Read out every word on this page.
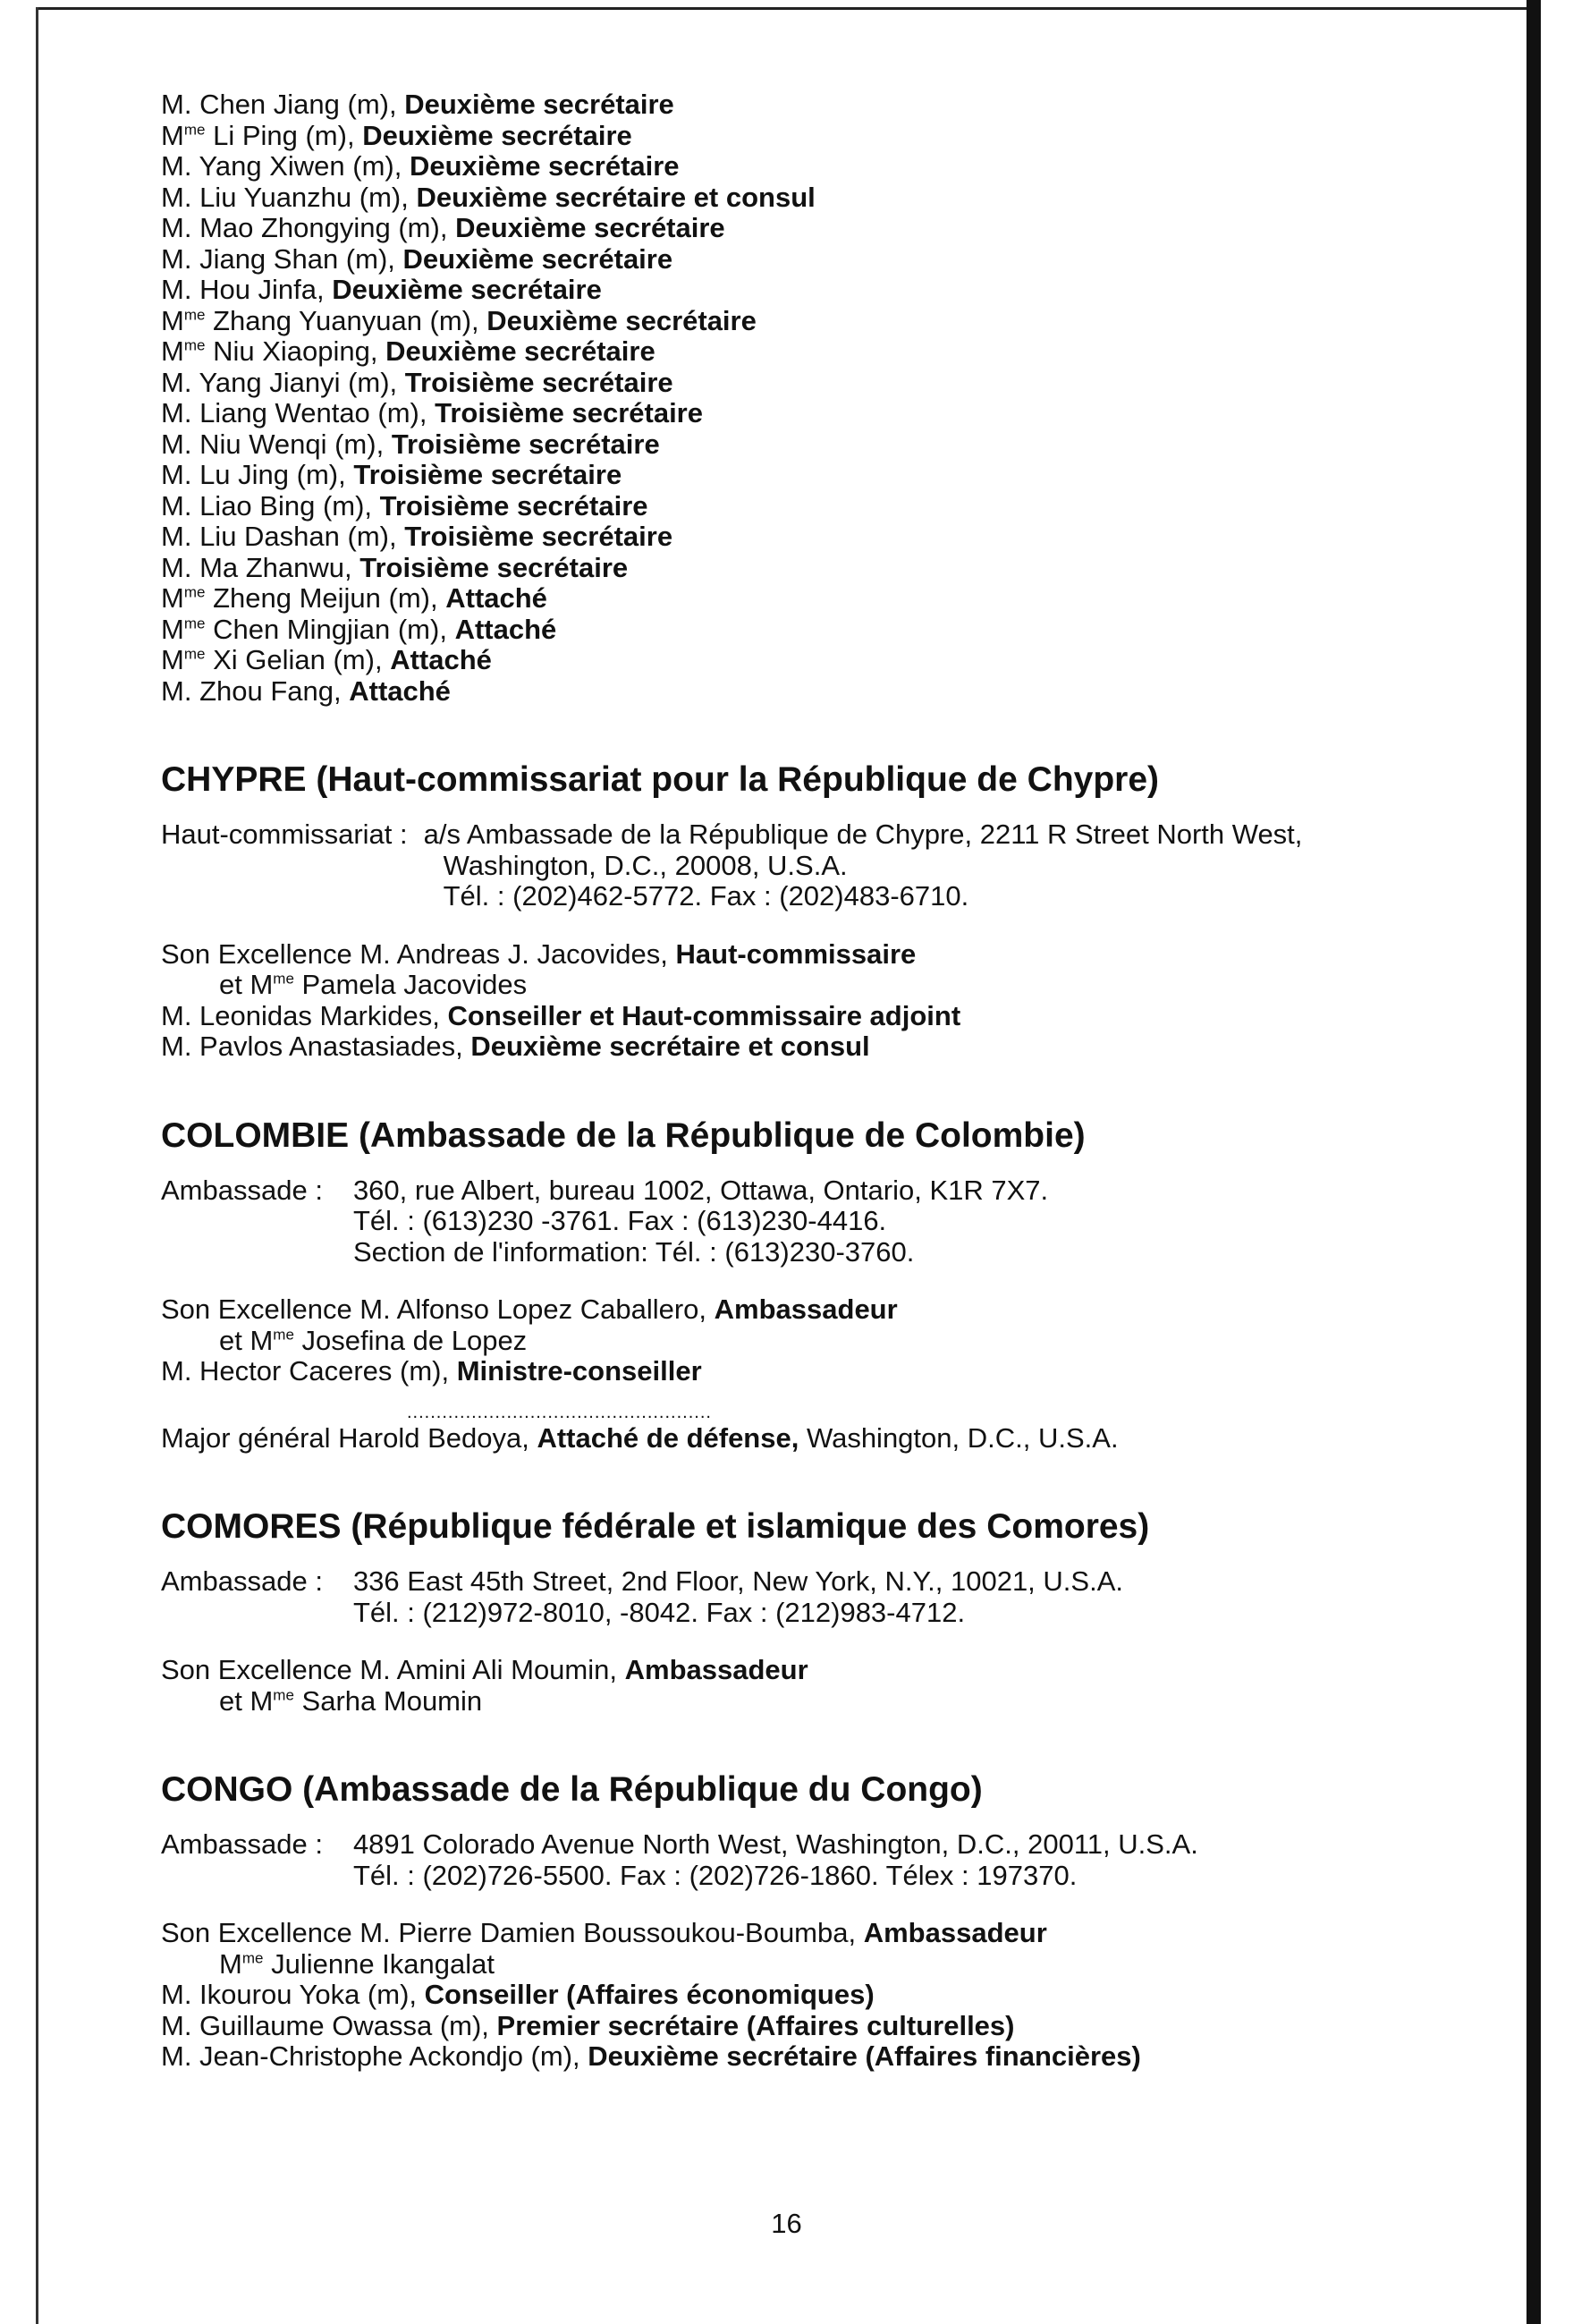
M. Chen Jiang (m), Deuxième secrétaire
$M^{me}$ Li Ping (m), Deuxième secrétaire
M. Yang Xiwen (m), Deuxième secrétaire
M. Liu Yuanzhu (m), Deuxième secrétaire et consul
M. Mao Zhongying (m), Deuxième secrétaire
M. Jiang Shan (m), Deuxième secrétaire
M. Hou Jinfa, Deuxième secrétaire
$M^{me}$ Zhang Yuanyuan (m), Deuxième secrétaire
$M^{me}$ Niu Xiaoping, Deuxième secrétaire
M. Yang Jianyi (m), Troisième secrétaire
M. Liang Wentao (m), Troisième secrétaire
M. Niu Wenqi (m), Troisième secrétaire
M. Lu Jing (m), Troisième secrétaire
M. Liao Bing (m), Troisième secrétaire
M. Liu Dashan (m), Troisième secrétaire
M. Ma Zhanwu, Troisième secrétaire
$M^{me}$ Zheng Meijun (m), Attaché
$M^{me}$ Chen Mingjian (m), Attaché
$M^{me}$ Xi Gelian (m), Attaché
M. Zhou Fang, Attaché
CHYPRE (Haut-commissariat pour la République de Chypre)
Haut-commissariat : a/s Ambassade de la République de Chypre, 2211 R Street North West,
Washington, D.C., 20008, U.S.A.
Tél. : (202)462-5772. Fax : (202)483-6710.
Son Excellence M. Andreas J. Jacovides, Haut-commissaire
et $M^{me}$ Pamela Jacovides
M. Leonidas Markides, Conseiller et Haut-commissaire adjoint
M. Pavlos Anastasiades, Deuxième secrétaire et consul
COLOMBIE (Ambassade de la République de Colombie)
Ambassade :	360, rue Albert, bureau 1002, Ottawa, Ontario, K1R 7X7.
Tél. : (613)230 -3761. Fax : (613)230-4416.
Section de l'information: Tél. : (613)230-3760.
Son Excellence M. Alfonso Lopez Caballero, Ambassadeur
et $M^{me}$ Josefina de Lopez
M. Hector Caceres (m), Ministre-conseiller
....................................................
Major général Harold Bedoya, Attaché de défense, Washington, D.C., U.S.A.
COMORES (République fédérale et islamique des Comores)
Ambassade :	336 East 45th Street, 2nd Floor, New York, N.Y., 10021, U.S.A.
Tél. : (212)972-8010, -8042. Fax : (212)983-4712.
Son Excellence M. Amini Ali Moumin, Ambassadeur
et $M^{me}$ Sarha Moumin
CONGO (Ambassade de la République du Congo)
Ambassade :	4891 Colorado Avenue North West, Washington, D.C., 20011, U.S.A.
Tél. : (202)726-5500. Fax : (202)726-1860. Télex : 197370.
Son Excellence M. Pierre Damien Boussoukou-Boumba, Ambassadeur
$M^{me}$ Julienne Ikangalat
M. Ikourou Yoka (m), Conseiller (Affaires économiques)
M. Guillaume Owassa (m), Premier secrétaire (Affaires culturelles)
M. Jean-Christophe Ackondjo (m), Deuxième secrétaire (Affaires financières)
16
